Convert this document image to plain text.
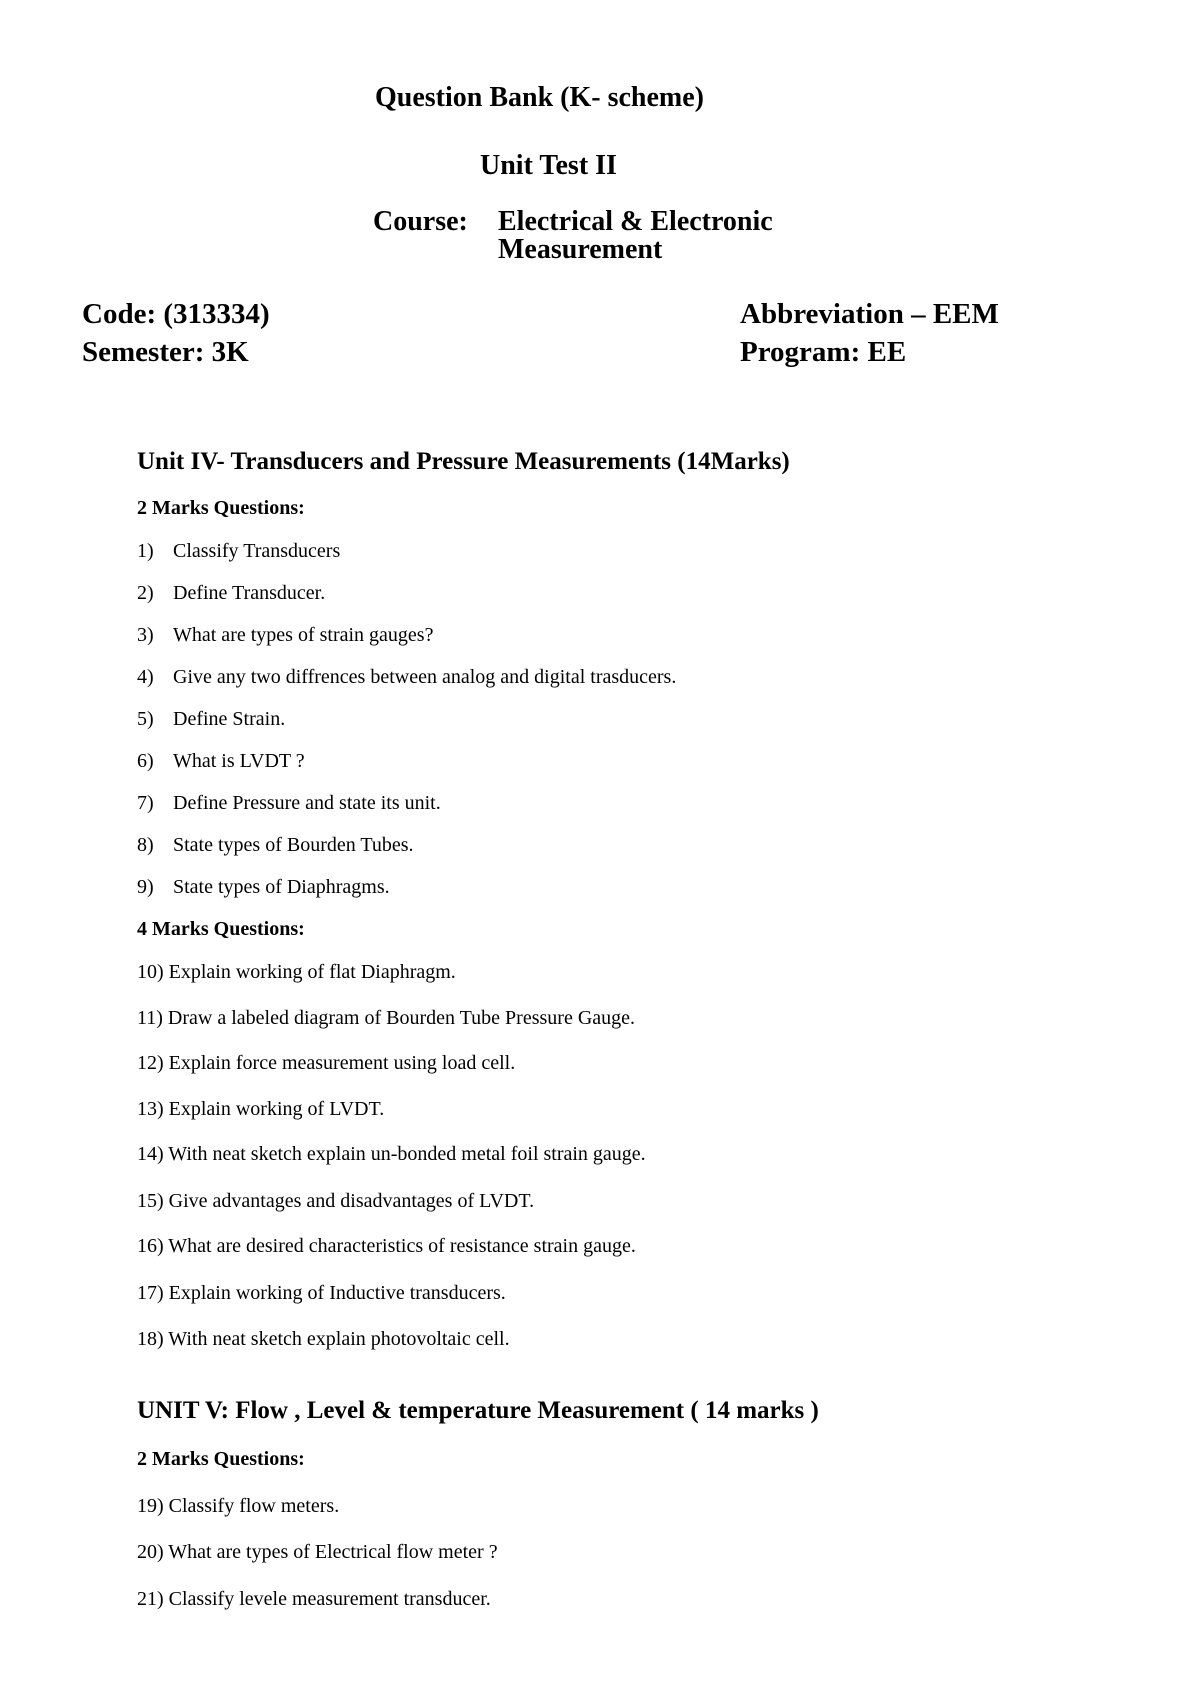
Question Bank (K- scheme)
Unit Test II
Course: Electrical & Electronic
Measurement
Code: (313334)
Semester: 3K
Abbreviation – EEM
Program: EE
Unit IV- Transducers and Pressure Measurements (14Marks)
2 Marks Questions:
1) Classify Transducers
2) Define Transducer.
3) What are types of strain gauges?
4) Give any two diffrences between analog and digital trasducers.
5) Define Strain.
6) What is LVDT ?
7) Define Pressure and state its unit.
8) State types of Bourden Tubes.
9) State types of Diaphragms.
4 Marks Questions:
10) Explain working of flat Diaphragm.
11) Draw a labeled diagram of Bourden Tube Pressure Gauge.
12) Explain force measurement using load cell.
13) Explain working of LVDT.
14) With neat sketch explain un-bonded metal foil strain gauge.
15) Give advantages and disadvantages of LVDT.
16) What are desired characteristics of resistance strain gauge.
17) Explain working of Inductive transducers.
18) With neat sketch explain photovoltaic cell.
UNIT V: Flow , Level & temperature Measurement ( 14 marks )
2 Marks Questions:
19) Classify flow meters.
20) What are types of Electrical flow meter ?
21) Classify levele measurement transducer.
